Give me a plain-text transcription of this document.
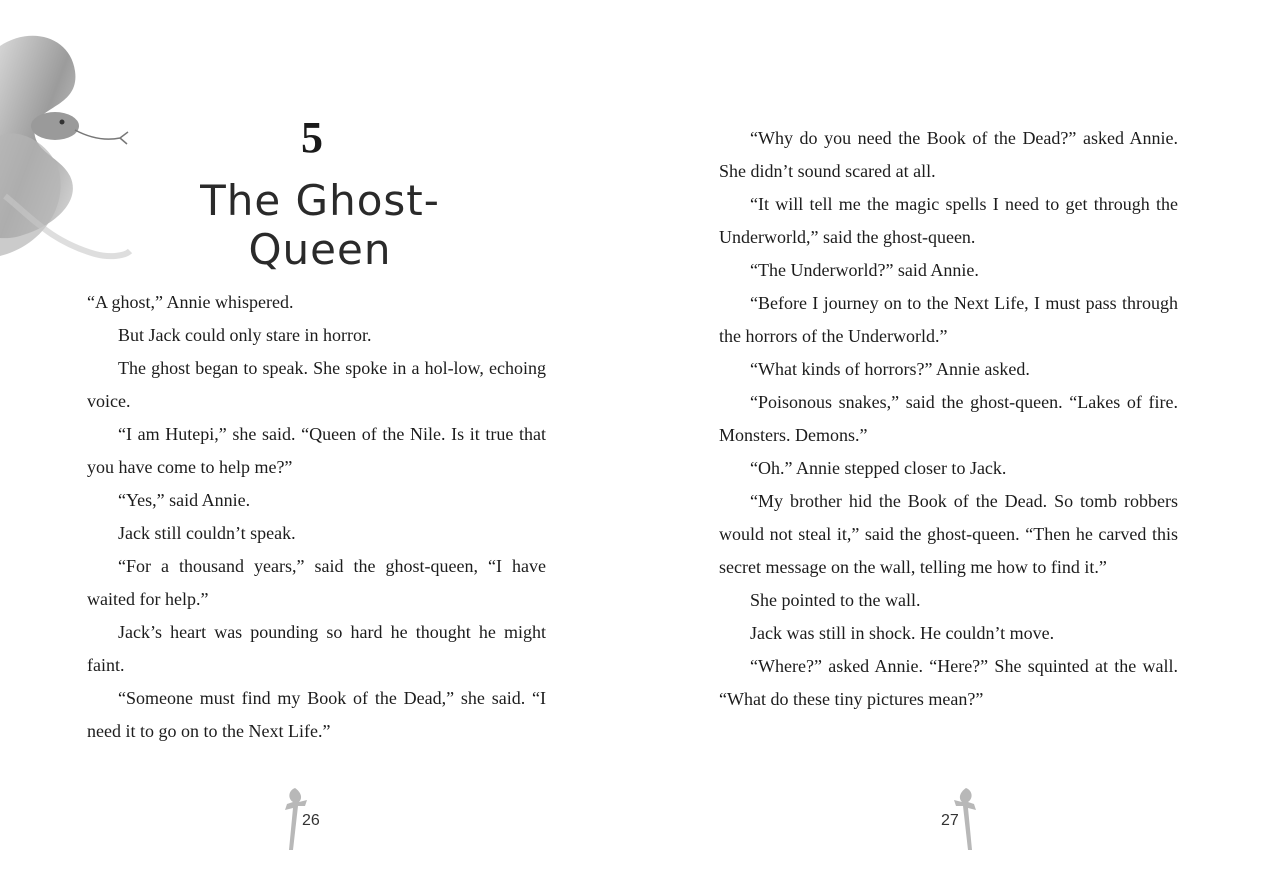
5
The Ghost-Queen

“A ghost,” Annie whispered.

But Jack could only stare in horror.

The ghost began to speak. She spoke in a hol-low, echoing voice.

“I am Hutepi,” she said. “Queen of the Nile. Is it true that you have come to help me?”

“Yes,” said Annie.

Jack still couldn’t speak.

“For a thousand years,” said the ghost-queen, “I have waited for help.”

Jack’s heart was pounding so hard he thought he might faint.

“Someone must find my Book of the Dead,” she said. “I need it to go on to the Next Life.”

26

“Why do you need the Book of the Dead?” asked Annie. She didn’t sound scared at all.

“It will tell me the magic spells I need to get through the Underworld,” said the ghost-queen.

“The Underworld?” said Annie.

“Before I journey on to the Next Life, I must pass through the horrors of the Underworld.”

“What kinds of horrors?” Annie asked.

“Poisonous snakes,” said the ghost-queen. “Lakes of fire. Monsters. Demons.”

“Oh.” Annie stepped closer to Jack.

“My brother hid the Book of the Dead. So tomb robbers would not steal it,” said the ghost-queen. “Then he carved this secret message on the wall, telling me how to find it.”

She pointed to the wall.

Jack was still in shock. He couldn’t move.

“Where?” asked Annie. “Here?” She squinted at the wall. “What do these tiny pictures mean?”

27
